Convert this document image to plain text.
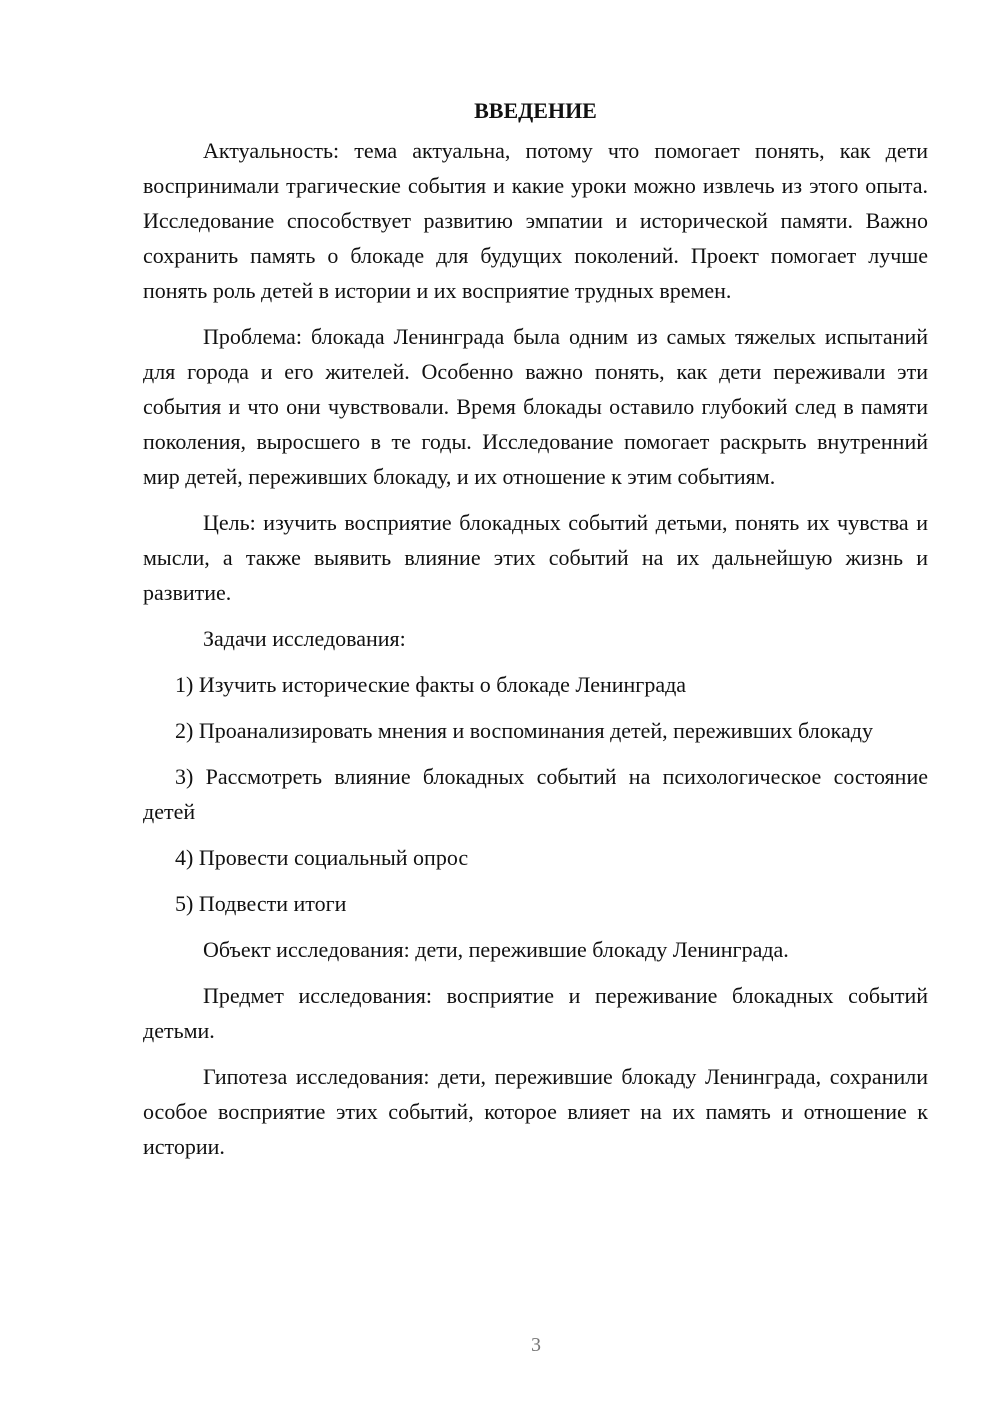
ВВЕДЕНИЕ

Актуальность: тема актуальна, потому что помогает понять, как дети воспринимали трагические события и какие уроки можно извлечь из этого опыта. Исследование способствует развитию эмпатии и исторической памяти. Важно сохранить память о блокаде для будущих поколений. Проект помогает лучше понять роль детей в истории и их восприятие трудных времен.

Проблема: блокада Ленинграда была одним из самых тяжелых испытаний для города и его жителей. Особенно важно понять, как дети переживали эти события и что они чувствовали. Время блокады оставило глубокий след в памяти поколения, выросшего в те годы. Исследование помогает раскрыть внутренний мир детей, переживших блокаду, и их отношение к этим событиям.

Цель: изучить восприятие блокадных событий детьми, понять их чувства и мысли, а также выявить влияние этих событий на их дальнейшую жизнь и развитие.

Задачи исследования:

1) Изучить исторические факты о блокаде Ленинграда

2) Проанализировать мнения и воспоминания детей, переживших блокаду

3) Рассмотреть влияние блокадных событий на психологическое состояние детей

4) Провести социальный опрос

5) Подвести итоги

Объект исследования: дети, пережившие блокаду Ленинграда.

Предмет исследования: восприятие и переживание блокадных событий детьми.

Гипотеза исследования: дети, пережившие блокаду Ленинграда, сохранили особое восприятие этих событий, которое влияет на их память и отношение к истории.

3
